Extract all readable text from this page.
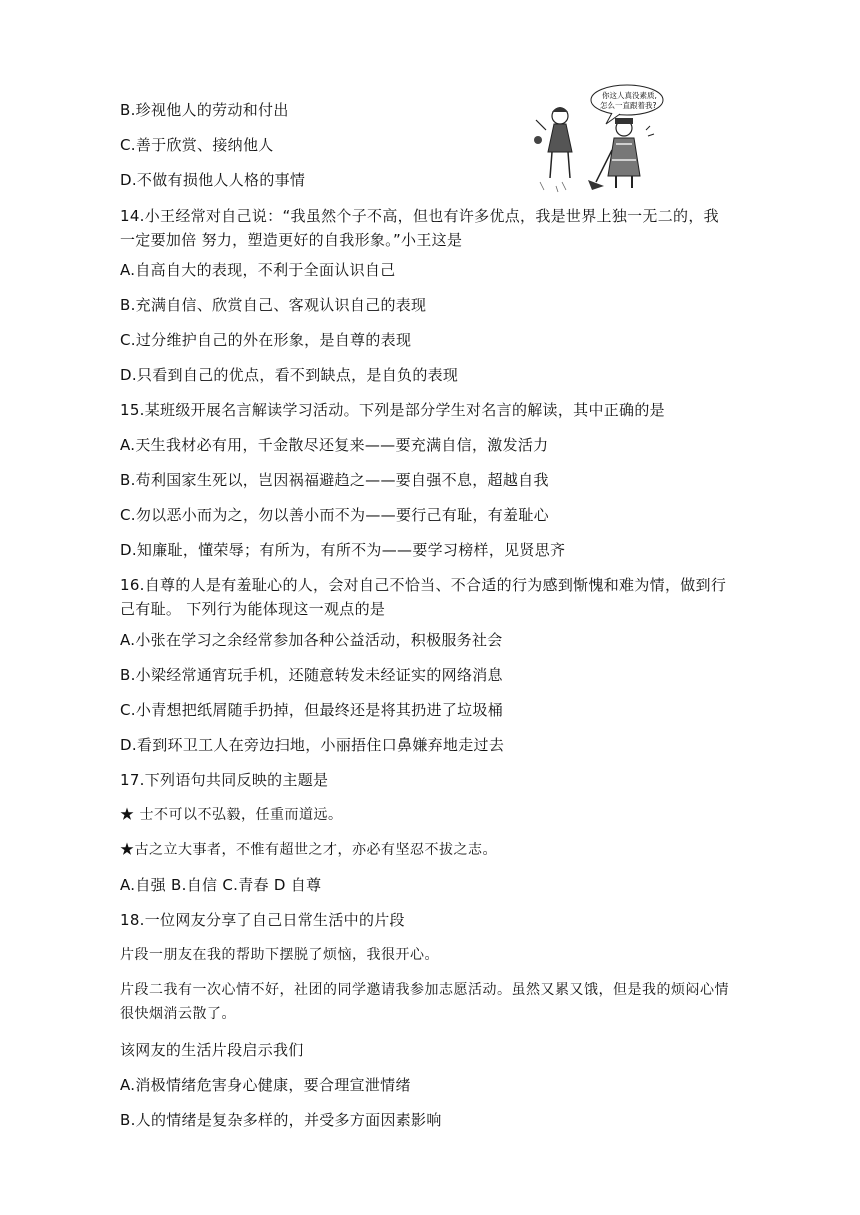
B.珍视他人的劳动和付出
C.善于欣赏、接纳他人
D.不做有损他人人格的事情
你这人真没素质,
怎么一直跟着我?
14.小王经常对自己说：“我虽然个子不高，但也有许多优点，我是世界上独一无二的，我一定要加倍 努力，塑造更好的自我形象。”小王这是
A.自高自大的表现，不利于全面认识自己
B.充满自信、欣赏自己、客观认识自己的表现
C.过分维护自己的外在形象，是自尊的表现
D.只看到自己的优点，看不到缺点，是自负的表现
15.某班级开展名言解读学习活动。下列是部分学生对名言的解读，其中正确的是
A.天生我材必有用，千金散尽还复来——要充满自信，激发活力
B.苟利国家生死以，岂因祸福避趋之——要自强不息，超越自我
C.勿以恶小而为之，勿以善小而不为——要行己有耻，有羞耻心
D.知廉耻，懂荣辱；有所为，有所不为——要学习榜样，见贤思齐
16.自尊的人是有羞耻心的人，会对自己不恰当、不合适的行为感到惭愧和难为情，做到行己有耻。 下列行为能体现这一观点的是
A.小张在学习之余经常参加各种公益活动，积极服务社会
B.小梁经常通宵玩手机，还随意转发未经证实的网络消息
C.小青想把纸屑随手扔掉，但最终还是将其扔进了垃圾桶
D.看到环卫工人在旁边扫地，小丽捂住口鼻嫌弃地走过去
17.下列语句共同反映的主题是
★ 士不可以不弘毅，任重而道远。
★古之立大事者，不惟有超世之才，亦必有坚忍不拔之志。
A.自强 B.自信 C.青春 D 自尊
18.一位网友分享了自己日常生活中的片段
片段一朋友在我的帮助下摆脱了烦恼，我很开心。
片段二我有一次心情不好，社团的同学邀请我参加志愿活动。虽然又累又饿，但是我的烦闷心情很快烟消云散了。
该网友的生活片段启示我们
A.消极情绪危害身心健康，要合理宣泄情绪
B.人的情绪是复杂多样的，并受多方面因素影响
